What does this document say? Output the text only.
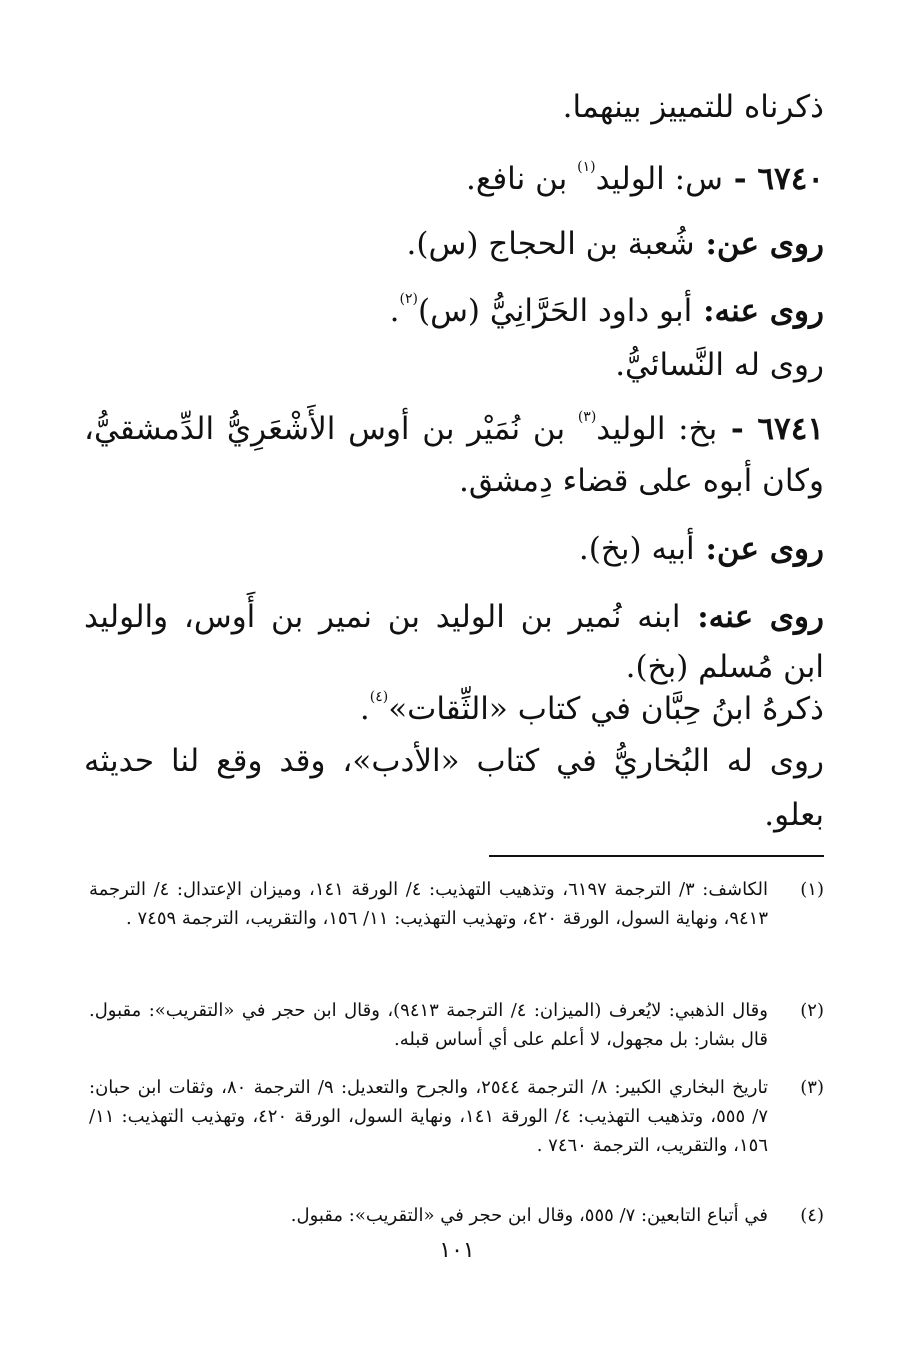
ذكرناه للتمييز بينهما.
٦٧٤٠ - س: الوليد$^{(١)}$ بن نافع.
روى عن: شُعبة بن الحجاج (س).
روى عنه: أبو داود الحَرَّانِيُّ (س)$^{(٢)}$.
روى له النَّسائيُّ.
٦٧٤١ - بخ: الوليد$^{(٣)}$ بن نُمَيْر بن أوس الأَشْعَرِيُّ الدِّمشقيُّ،
وكان أبوه على قضاء دِمشق.
روى عن: أبيه (بخ).
روى عنه: ابنه نُمير بن الوليد بن نمير بن أَوس، والوليد
ابن مُسلم (بخ).
ذكرهُ ابنُ حِبَّان في كتاب «الثِّقات»$^{(٤)}$.
روى له البُخاريُّ في كتاب «الأدب»، وقد وقع لنا حديثه
بعلو.
(١)
الكاشف: ٣/ الترجمة ٦١٩٧، وتذهيب التهذيب: ٤/ الورقة ١٤١، وميزان الإعتدال: ٤/ الترجمة ٩٤١٣، ونهاية السول، الورقة ٤٢٠، وتهذيب التهذيب: ١١/ ١٥٦، والتقريب، الترجمة ٧٤٥٩ .
(٢)
وقال الذهبي: لايُعرف (الميزان: ٤/ الترجمة ٩٤١٣)، وقال ابن حجر في «التقريب»: مقبول. قال بشار: بل مجهول، لا أعلم على أي أساس قبله.
(٣)
تاريخ البخاري الكبير: ٨/ الترجمة ٢٥٤٤، والجرح والتعديل: ٩/ الترجمة ٨٠، وثقات ابن حبان: ٧/ ٥٥٥، وتذهيب التهذيب: ٤/ الورقة ١٤١، ونهاية السول، الورقة ٤٢٠، وتهذيب التهذيب: ١١/ ١٥٦، والتقريب، الترجمة ٧٤٦٠ .
(٤)
في أتباع التابعين: ٧/ ٥٥٥، وقال ابن حجر في «التقريب»: مقبول.
١٠١
